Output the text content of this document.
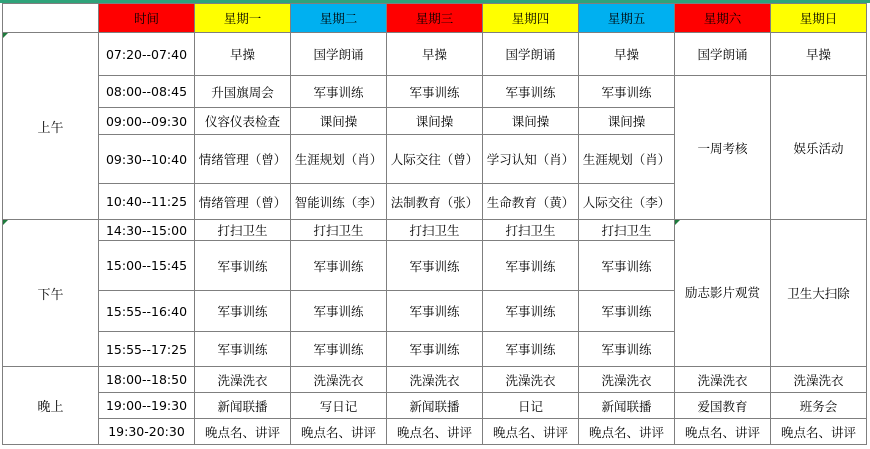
	时间	星期一	星期二	星期三	星期四	星期五	星期六	星期日

上午	07:20--07:40	早操	国学朗诵	早操	国学朗诵	早操	国学朗诵	早操
	08:00--08:45	升国旗周会	军事训练	军事训练	军事训练	军事训练	一周考核	娱乐活动
	09:00--09:30	仪容仪表检查	课间操	课间操	课间操	课间操		
	09:30--10:40	情绪管理（曾）	生涯规划（肖）	人际交往（曾）	学习认知（肖）	生涯规划（肖）		
	10:40--11:25	情绪管理（曾）	智能训练（李）	法制教育（张）	生命教育（黄）	人际交往（李）		

下午	14:30--15:00	打扫卫生	打扫卫生	打扫卫生	打扫卫生	打扫卫生	励志影片观赏	卫生大扫除
	15:00--15:45	军事训练	军事训练	军事训练	军事训练	军事训练		
	15:55--16:40	军事训练	军事训练	军事训练	军事训练	军事训练		
	15:55--17:25	军事训练	军事训练	军事训练	军事训练	军事训练		
晚上	18:00--18:50	洗澡洗衣	洗澡洗衣	洗澡洗衣	洗澡洗衣	洗澡洗衣	洗澡洗衣	洗澡洗衣
	19:00--19:30	新闻联播	写日记	新闻联播	日记	新闻联播	爱国教育	班务会
	19:30-20:30	晚点名、讲评	晚点名、讲评	晚点名、讲评	晚点名、讲评	晚点名、讲评	晚点名、讲评	晚点名、讲评
